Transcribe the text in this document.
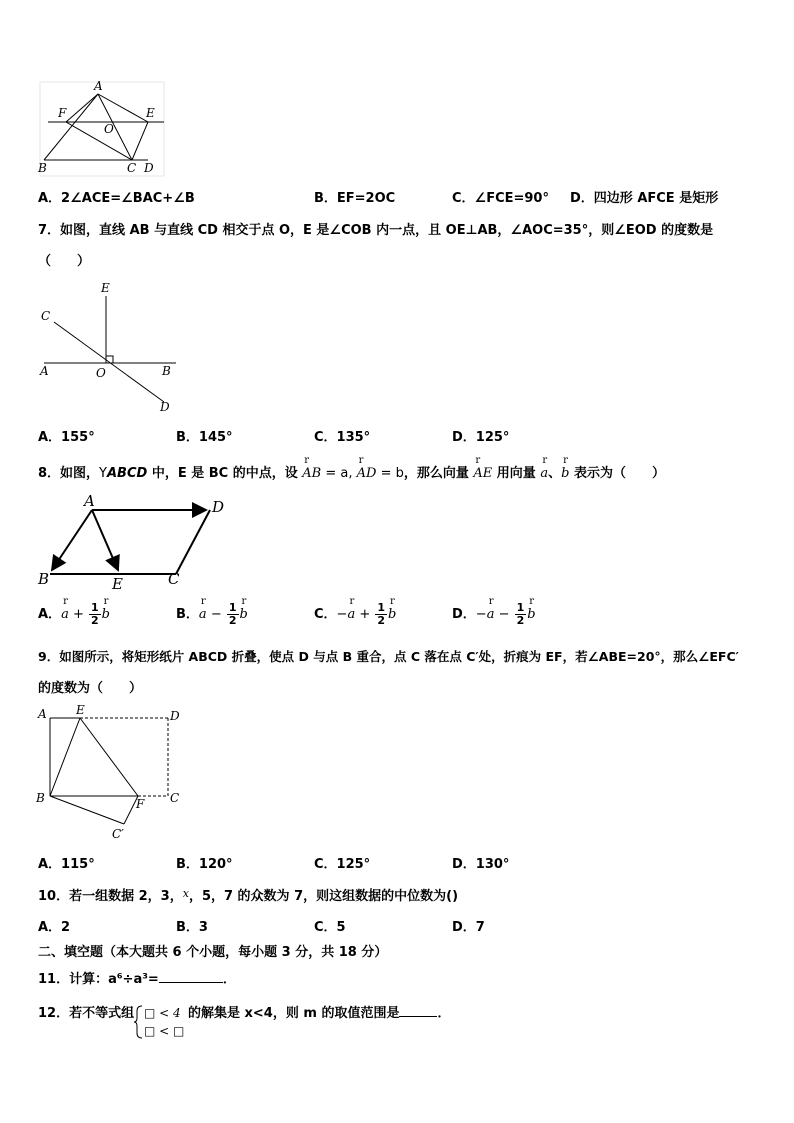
A
F	E
O
B	C D
A．2∠ACE=∠BAC+∠B	B．EF=2OC	C．∠FCE=90° D．四边形 AFCE 是矩形
7．如图，直线 AB 与直线 CD 相交于点 O，E 是∠COB 内一点，且 OE⊥AB，∠AOC=35°，则∠EOD 的度数是
（　　）
E
C
A	O	B
D
A．155°	B．145°	C．135°	D．125°
8．如图，YABCD 中，E 是 BC 的中点，设 r AB = a, r AD = b，那么向量 r AE 用向量 r a、r b 表示为（　　）
A	D
B	E	C
A．r $a + \frac{1}{2}$ r b	B．r $a - \frac{1}{2}$ r b	C．−r $a + \frac{1}{2}$ r b	D．−r $a - \frac{1}{2}$ r b
9．如图所示，将矩形纸片 ABCD 折叠，使点 D 与点 B 重合，点 C 落在点 C′处，折痕为 EF，若∠ABE=20°，那么∠EFC′
的度数为（　　）
A E	D
B	F C
C′
A．115°	B．120°	C．125°	D．130°
10．若一组数据 2，3，$^x$，5，7 的众数为 7，则这组数据的中位数为()
A．2	B．3	C．5	D．7
二、填空题（本大题共 6 个小题，每小题 3 分，共 18 分）
11．计算：a⁶÷a³=	．
12．若不等式组 □ < 4
□ < □
的解集是 x<4，则 m 的取值范围是	．
